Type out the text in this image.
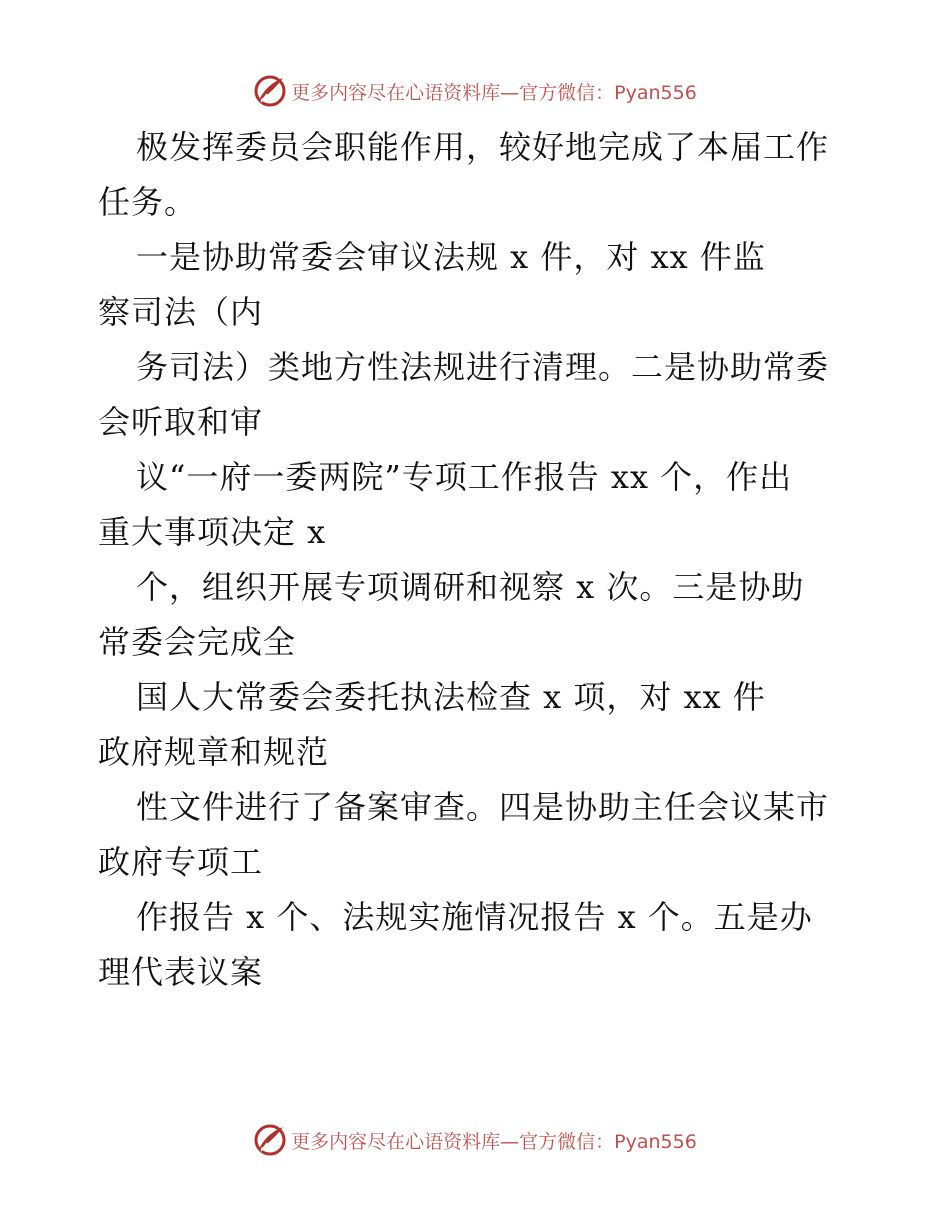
更多内容尽在心语资料库—官方微信：Pyan556
极发挥委员会职能作用，较好地完成了本届工作
任务。
一是协助常委会审议法规 x 件，对 xx 件监
察司法（内
务司法）类地方性法规进行清理。二是协助常委
会听取和审
议“一府一委两院”专项工作报告 xx 个，作出
重大事项决定 x
个，组织开展专项调研和视察 x 次。三是协助
常委会完成全
国人大常委会委托执法检查 x 项，对 xx 件
政府规章和规范
性文件进行了备案审查。四是协助主任会议某市
政府专项工
作报告 x 个、法规实施情况报告 x 个。五是办
理代表议案
更多内容尽在心语资料库—官方微信：Pyan556
